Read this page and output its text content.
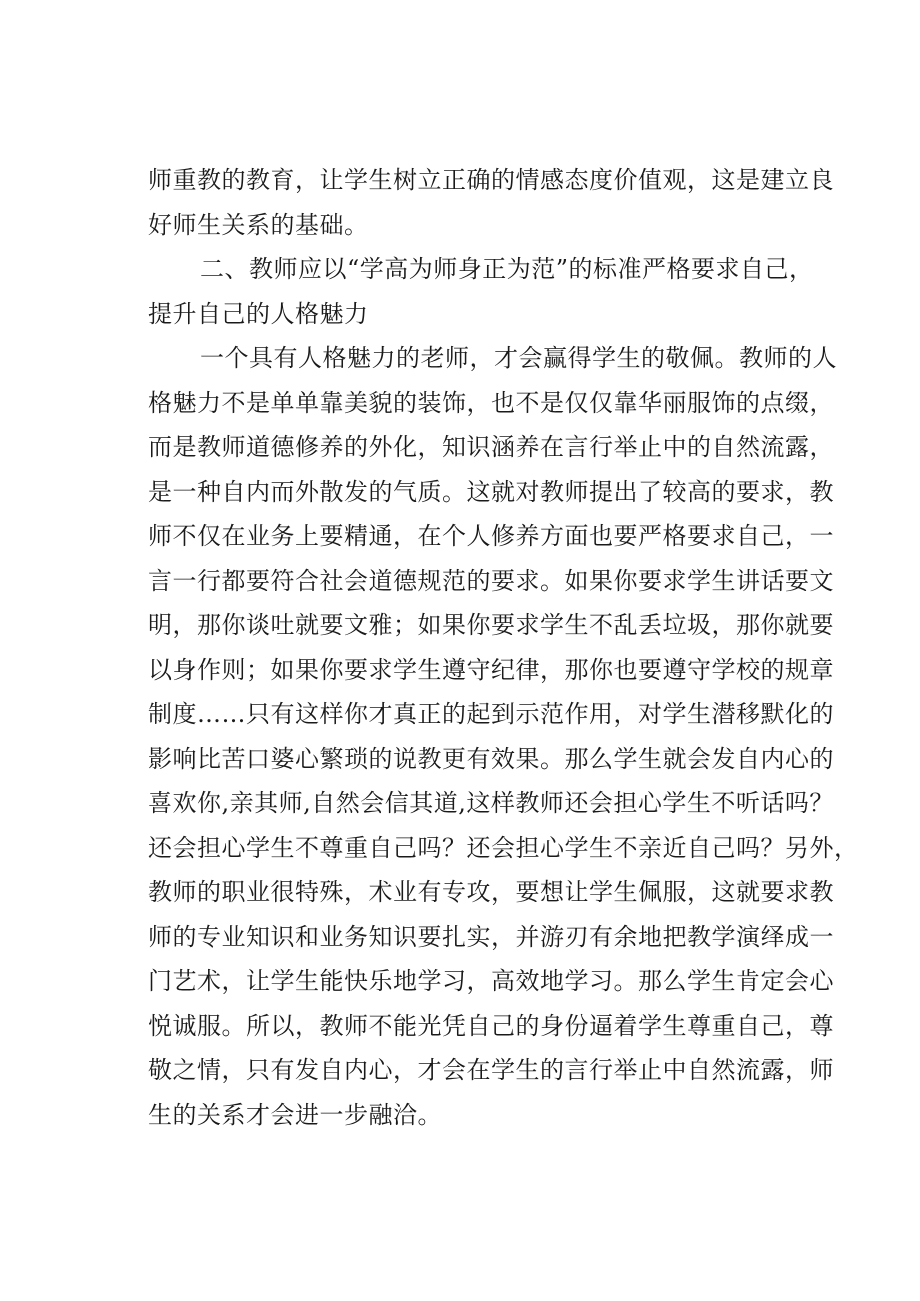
师重教的教育，让学生树立正确的情感态度价值观，这是建立良
好师生关系的基础。
二、教师应以“学高为师身正为范”的标准严格要求自己，
提升自己的人格魅力
一个具有人格魅力的老师，才会赢得学生的敬佩。教师的人
格魅力不是单单靠美貌的装饰，也不是仅仅靠华丽服饰的点缀，
而是教师道德修养的外化，知识涵养在言行举止中的自然流露，
是一种自内而外散发的气质。这就对教师提出了较高的要求，教
师不仅在业务上要精通，在个人修养方面也要严格要求自己，一
言一行都要符合社会道德规范的要求。如果你要求学生讲话要文
明，那你谈吐就要文雅；如果你要求学生不乱丢垃圾，那你就要
以身作则；如果你要求学生遵守纪律，那你也要遵守学校的规章
制度……只有这样你才真正的起到示范作用，对学生潜移默化的
影响比苦口婆心繁琐的说教更有效果。那么学生就会发自内心的
喜欢你,亲其师,自然会信其道,这样教师还会担心学生不听话吗？
还会担心学生不尊重自己吗？还会担心学生不亲近自己吗？另外，
教师的职业很特殊，术业有专攻，要想让学生佩服，这就要求教
师的专业知识和业务知识要扎实，并游刃有余地把教学演绎成一
门艺术，让学生能快乐地学习，高效地学习。那么学生肯定会心
悦诚服。所以，教师不能光凭自己的身份逼着学生尊重自己，尊
敬之情，只有发自内心，才会在学生的言行举止中自然流露，师
生的关系才会进一步融洽。
